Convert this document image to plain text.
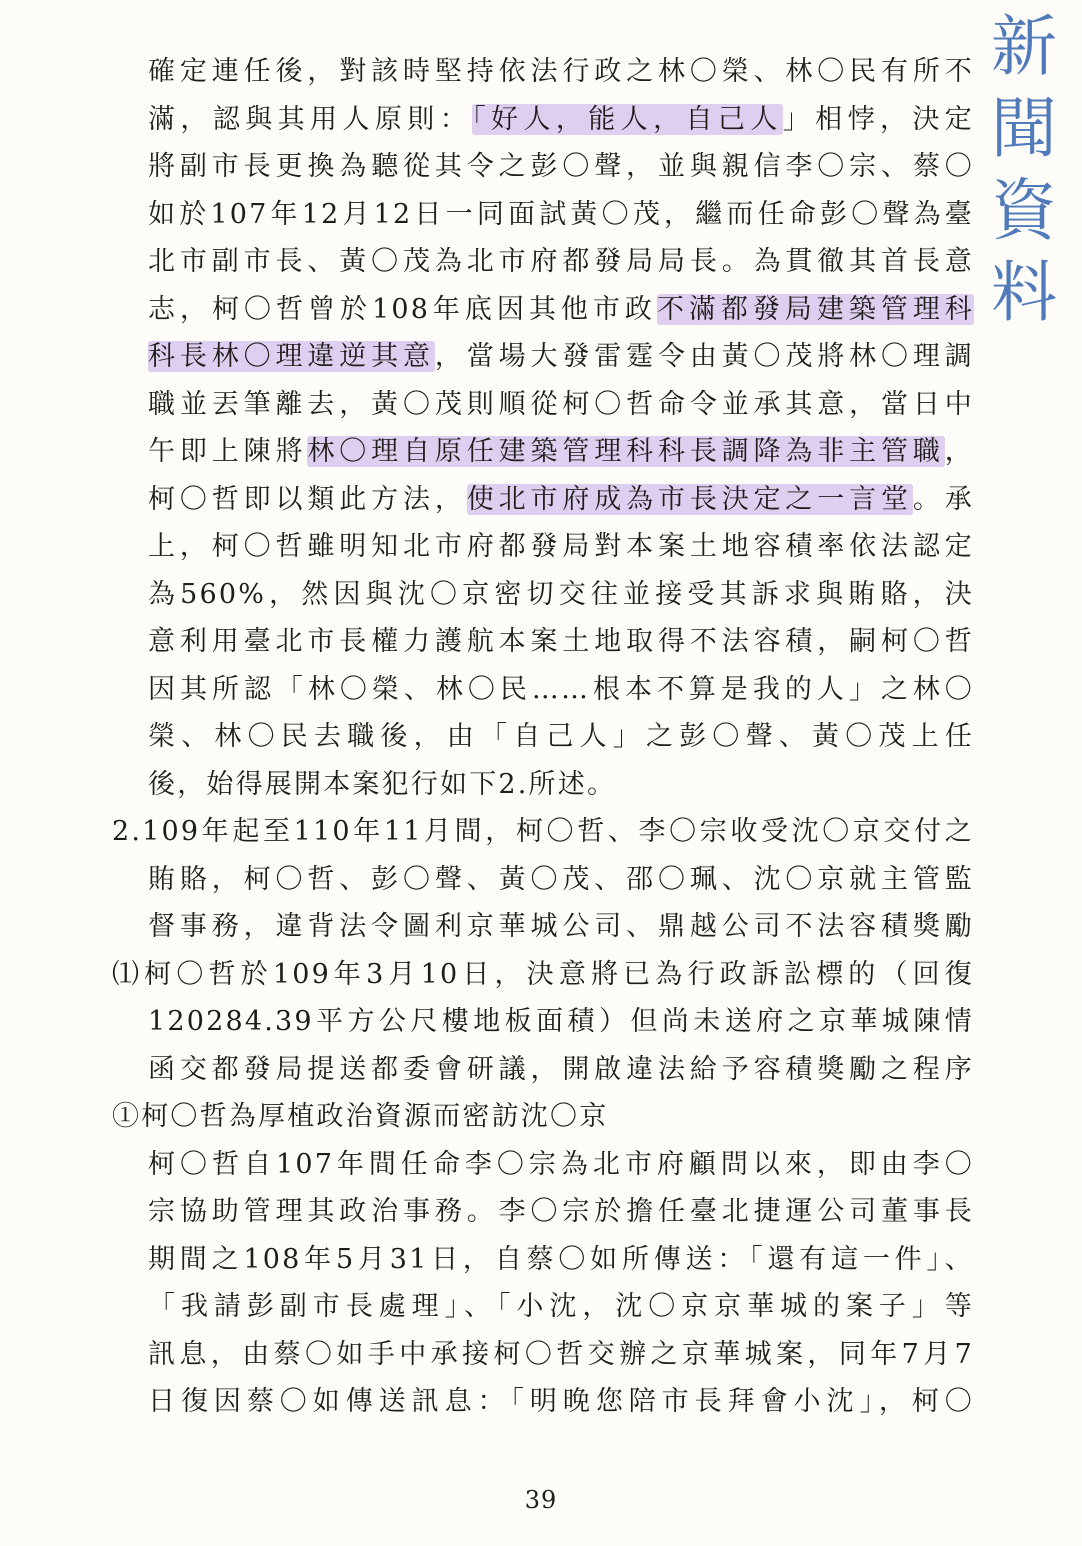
新
聞
資
料
確定連任後，對該時堅持依法行政之林〇榮、林〇民有所不
滿，認與其用人原則：「好人，能人，自己人」相悖，決定
將副市長更換為聽從其令之彭〇聲，並與親信李〇宗、蔡〇
如於107年12月12日一同面試黃〇茂，繼而任命彭〇聲為臺
北市副市長、黃〇茂為北市府都發局局長。為貫徹其首長意
志，柯〇哲曾於108年底因其他市政不滿都發局建築管理科
科長林〇理違逆其意，當場大發雷霆令由黃〇茂將林〇理調
職並丟筆離去，黃〇茂則順從柯〇哲命令並承其意，當日中
午即上陳將林〇理自原任建築管理科科長調降為非主管職，
柯〇哲即以類此方法，使北市府成為市長決定之一言堂。承
上，柯〇哲雖明知北市府都發局對本案土地容積率依法認定
為560%，然因與沈〇京密切交往並接受其訴求與賄賂，決
意利用臺北市長權力護航本案土地取得不法容積，嗣柯〇哲
因其所認「林〇榮、林〇民……根本不算是我的人」之林〇
榮、林〇民去職後，由「自己人」之彭〇聲、黃〇茂上任
後，始得展開本案犯行如下2.所述。
2.109年起至110年11月間，柯〇哲、李〇宗收受沈〇京交付之
賄賂，柯〇哲、彭〇聲、黃〇茂、邵〇珮、沈〇京就主管監
督事務，違背法令圖利京華城公司、鼎越公司不法容積獎勵
⑴柯〇哲於109年3月10日，決意將已為行政訴訟標的（回復
120284.39平方公尺樓地板面積）但尚未送府之京華城陳情
函交都發局提送都委會研議，開啟違法給予容積獎勵之程序
①柯〇哲為厚植政治資源而密訪沈〇京
柯〇哲自107年間任命李〇宗為北市府顧問以來，即由李〇
宗協助管理其政治事務。李〇宗於擔任臺北捷運公司董事長
期間之108年5月31日，自蔡〇如所傳送：「還有這一件」、
「我請彭副市長處理」、「小沈，沈〇京京華城的案子」等
訊息，由蔡〇如手中承接柯〇哲交辦之京華城案，同年7月7
日復因蔡〇如傳送訊息：「明晚您陪市長拜會小沈」，柯〇
39
